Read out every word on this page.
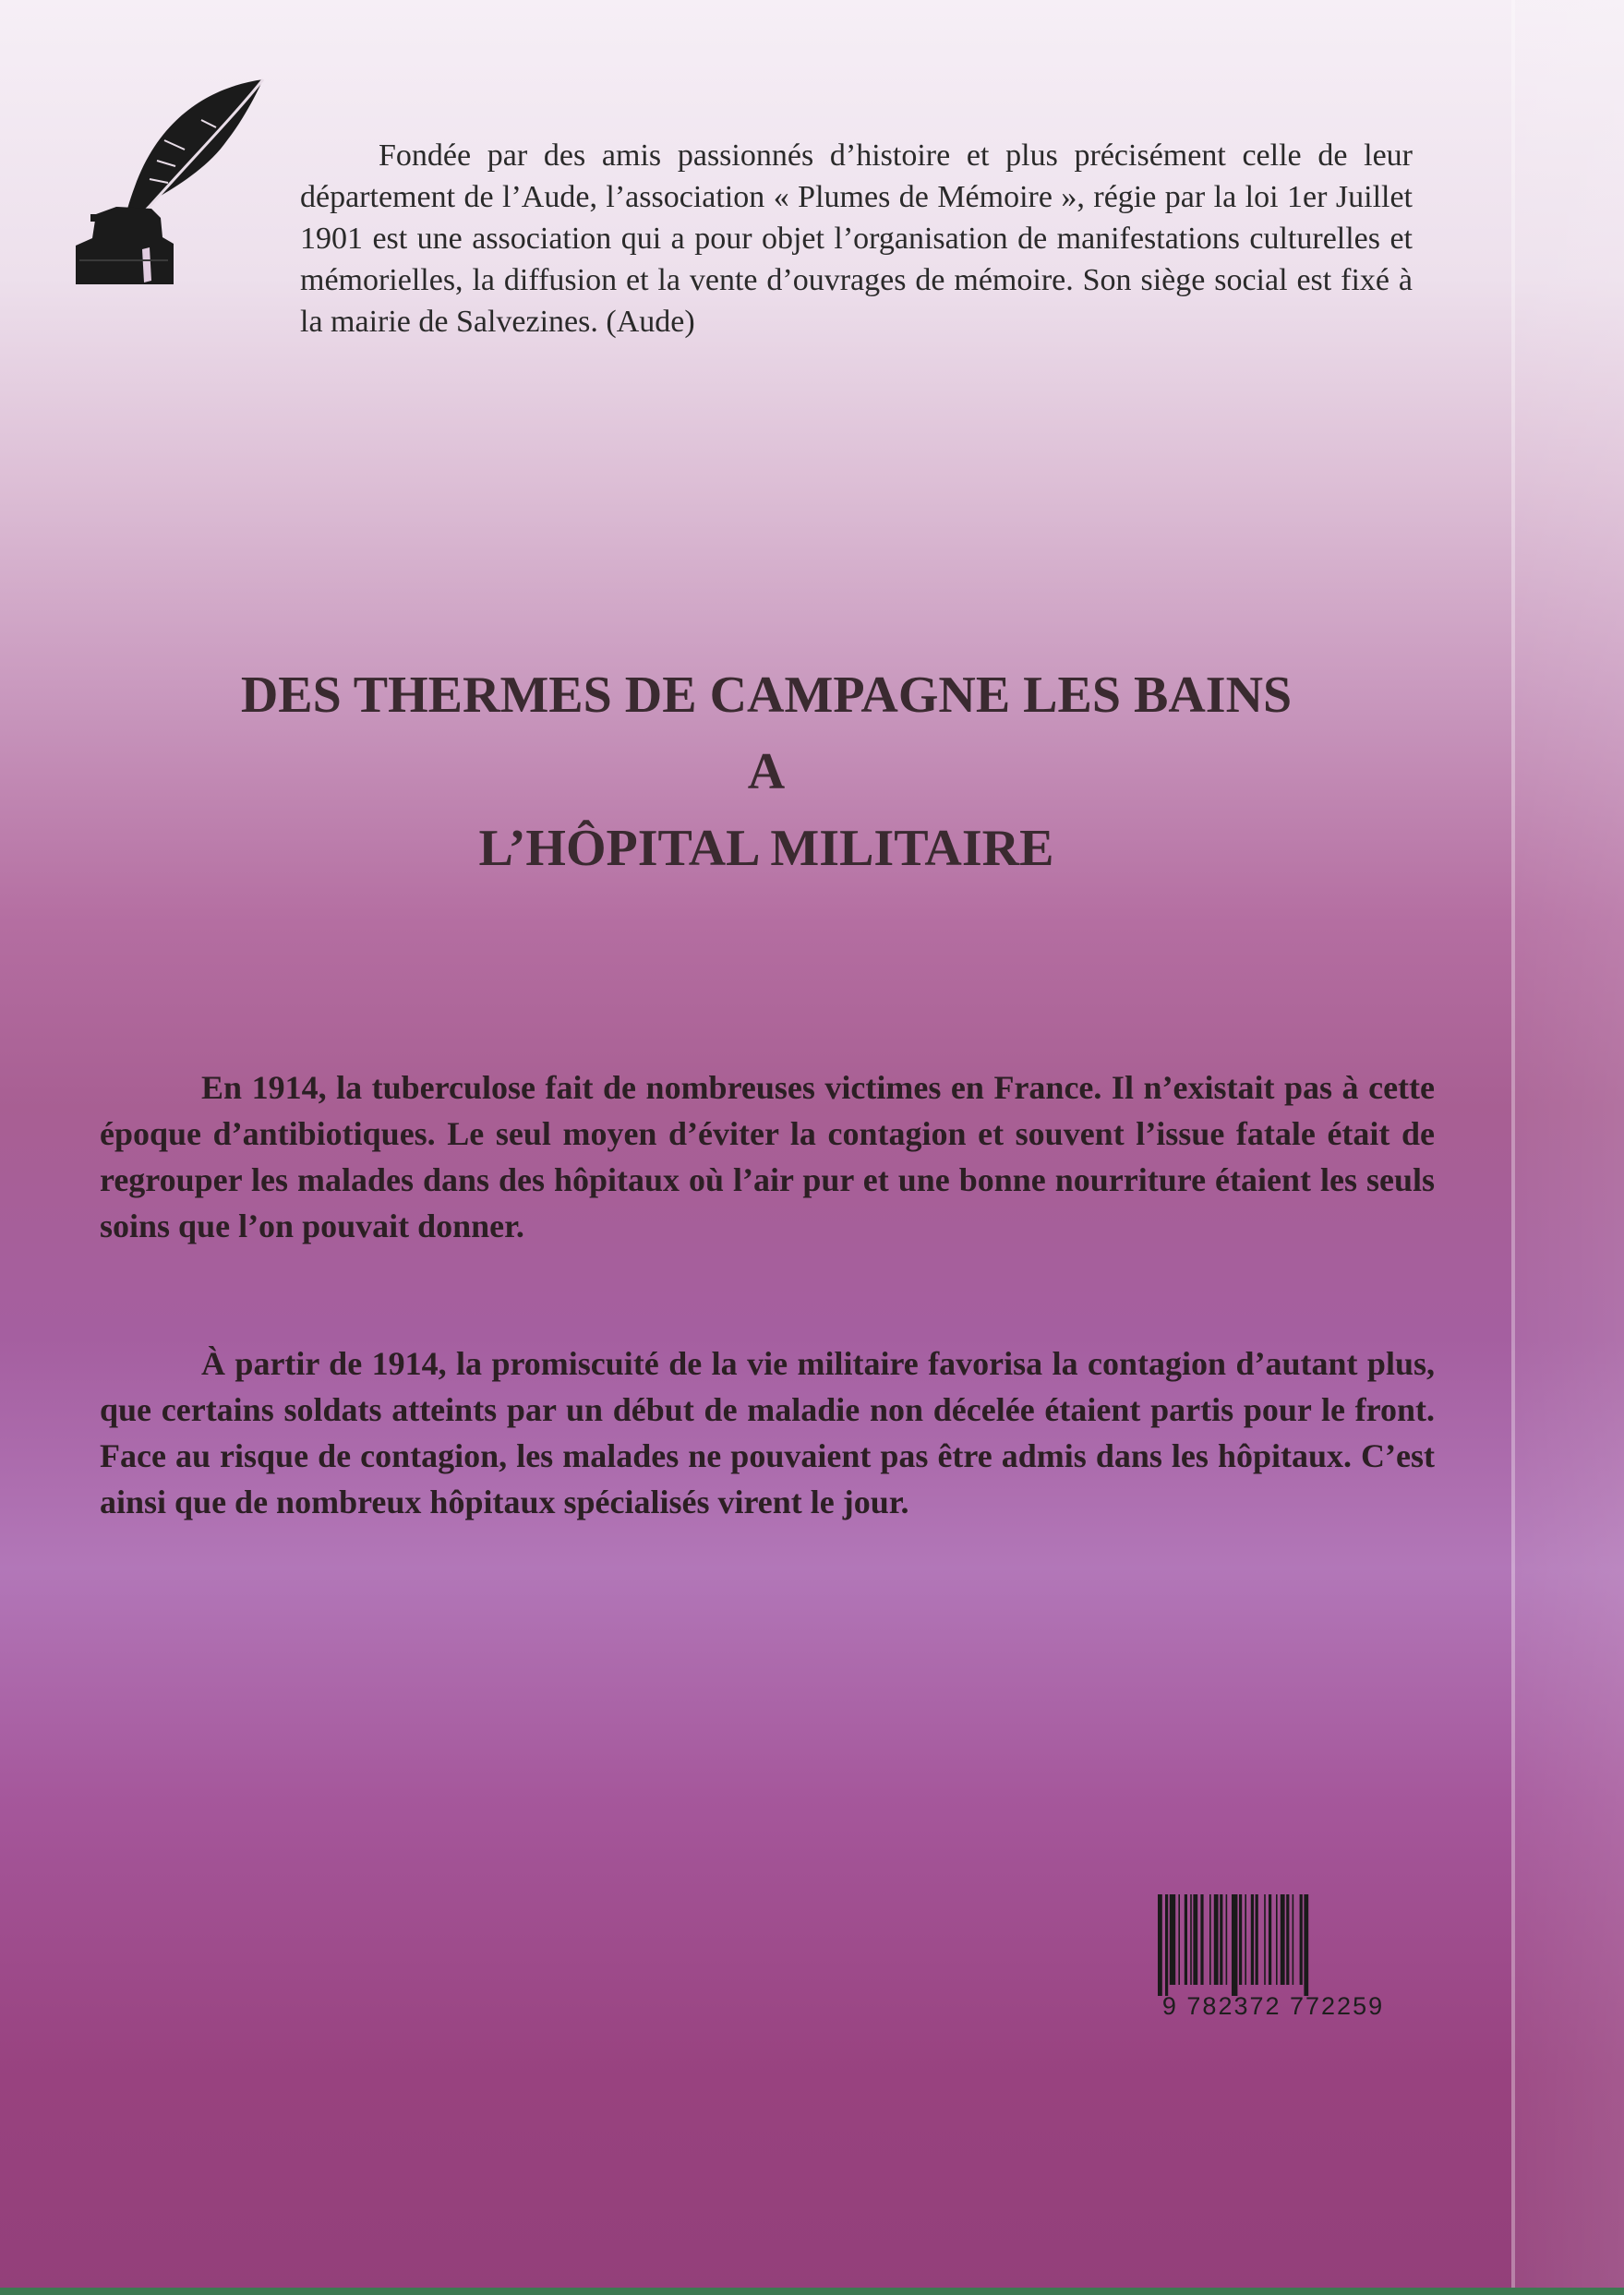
Fondée par des amis passionnés d’histoire et plus précisément celle de leur département de l’Aude, l’association « Plumes de Mémoire », régie par la loi 1er Juillet 1901 est une association qui a pour objet l’organisation de manifestations culturelles et mémorielles, la diffusion et la vente d’ouvrages de mémoire. Son siège social est fixé à la mairie de Salvezines. (Aude)

DES THERMES DE CAMPAGNE LES BAINS
A
L’HÔPITAL MILITAIRE

En 1914, la tuberculose fait de nombreuses victimes en France. Il n’existait pas à cette époque d’antibiotiques. Le seul moyen d’éviter la contagion et souvent l’issue fatale était de regrouper les malades dans des hôpitaux où l’air pur et une bonne nourriture étaient les seuls soins que l’on pouvait donner.

À partir de 1914, la promiscuité de la vie militaire favorisa la contagion d’autant plus, que certains soldats atteints par un début de maladie non décelée étaient partis pour le front. Face au risque de contagion, les malades ne pouvaient pas être admis dans les hôpitaux. C’est ainsi que de nombreux hôpitaux spécialisés virent le jour.

9 782372 772259
